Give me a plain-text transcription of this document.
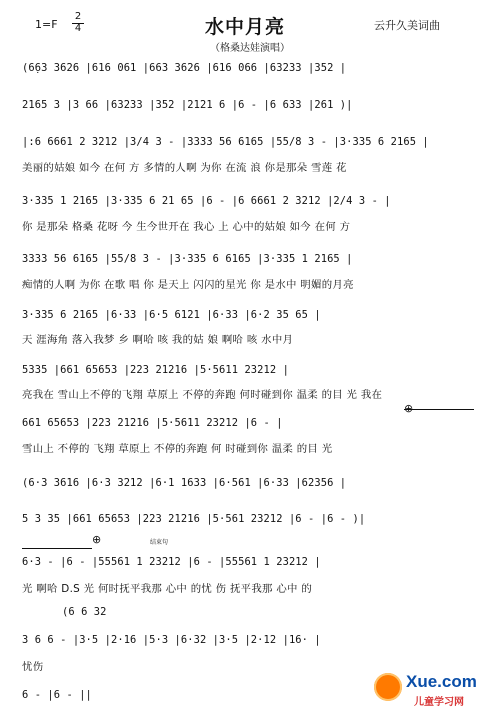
1=F
2
4	水中月亮	云升久美词曲
（格桑达娃演唱）
(6̣63 3626 |616 061 |663 3626 |616 066 |63233 |352 |
2165 3 |3 66 |63233 |352 |2121 6 |6 - |6 633 |261 )|
|:6 6661 2 3212 |3/4 3 - |3333 56 6165 |55/8 3 - |3·335 6 2165 |
美丽的姑娘 如今 在何 方 多情的人啊 为你 在流 浪 你是那朵 雪莲 花
3·335 1 2165 |3·335 6 21 65 |6 - |6 6661 2 3212 |2/4 3 - |
你 是那朵 格桑 花呀 今 生今世开在 我心 上 心中的姑娘 如今 在何 方
3333 56 6165 |55/8 3 - |3·335 6 6165 |3·335 1 2165 |
痴情的人啊 为你 在歌 唱 你 是天上 闪闪的星光 你 是水中 明媚的月亮
3·335 6 2165 |6·33 |6·5 6121 |6·33 |6·2 35 65 |
天 涯海角 落入我梦 乡 啊哈 咳 我的姑 娘 啊哈 咳 水中月
5335 |661 65653 |223 21216 |5·5611 23212 |
亮我在 雪山上不停的飞翔 草原上 不停的奔跑 何时碰到你 温柔 的目 光 我在
661 65653 |223 21216 |5·5611 23212 |6 - |
雪山上 不停的 飞翔 草原上 不停的奔跑 何 时碰到你 温柔 的目 光
(6·3 3616 |6·3 3212 |6·1 1633 |6·561 |6·33 |62356 |
5 3 35 |661 65653 |223 21216 |5·561 23212 |6 - |6 - )|
结束句
6·3 - |6 - |55561 1 23212 |6 - |55561 1 23212 |
光 啊哈 D.S 光 何时抚平我那 心中 的忧 伤 抚平我那 心中 的
(6 6 32
3 6 6 - |3·5 |2·16 |5·3 |6·32 |3·5 |2·12 |16· |
忧伤
6 - |6 - ||
⊕
⊕
Xue.com
儿童学习网
